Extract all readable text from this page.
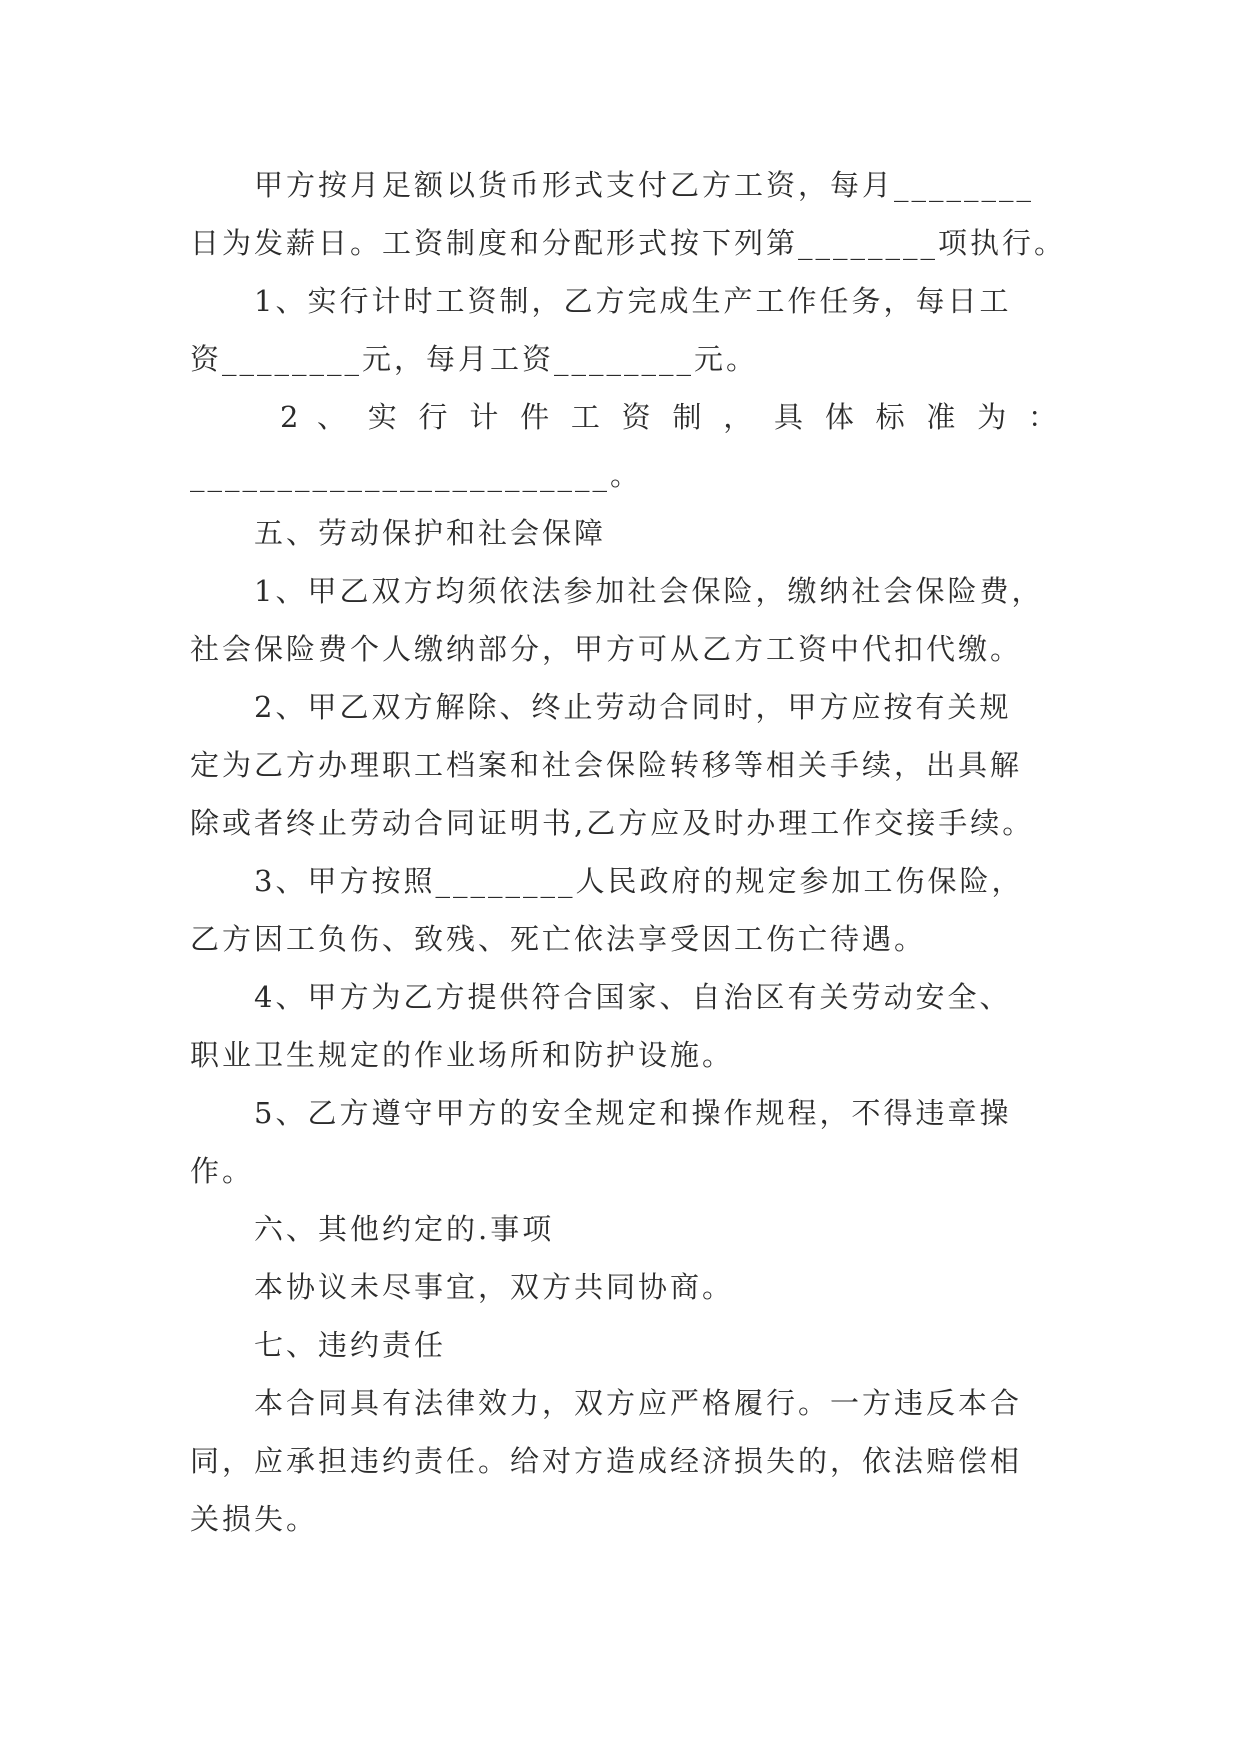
甲方按月足额以货币形式支付乙方工资，每月________
日为发薪日。工资制度和分配形式按下列第________项执行。
1、实行计时工资制，乙方完成生产工作任务，每日工
资________元，每月工资________元。
2 、 实 行 计 件 工 资 制 ， 具 体 标 准 为 ：
________________________。
五、劳动保护和社会保障
1、甲乙双方均须依法参加社会保险，缴纳社会保险费，
社会保险费个人缴纳部分，甲方可从乙方工资中代扣代缴。
2、甲乙双方解除、终止劳动合同时，甲方应按有关规
定为乙方办理职工档案和社会保险转移等相关手续，出具解
除或者终止劳动合同证明书,乙方应及时办理工作交接手续。
3、甲方按照________人民政府的规定参加工伤保险，
乙方因工负伤、致残、死亡依法享受因工伤亡待遇。
4、甲方为乙方提供符合国家、自治区有关劳动安全、
职业卫生规定的作业场所和防护设施。
5、乙方遵守甲方的安全规定和操作规程，不得违章操
作。
六、其他约定的.事项
本协议未尽事宜，双方共同协商。
七、违约责任
本合同具有法律效力，双方应严格履行。一方违反本合
同，应承担违约责任。给对方造成经济损失的，依法赔偿相
关损失。
